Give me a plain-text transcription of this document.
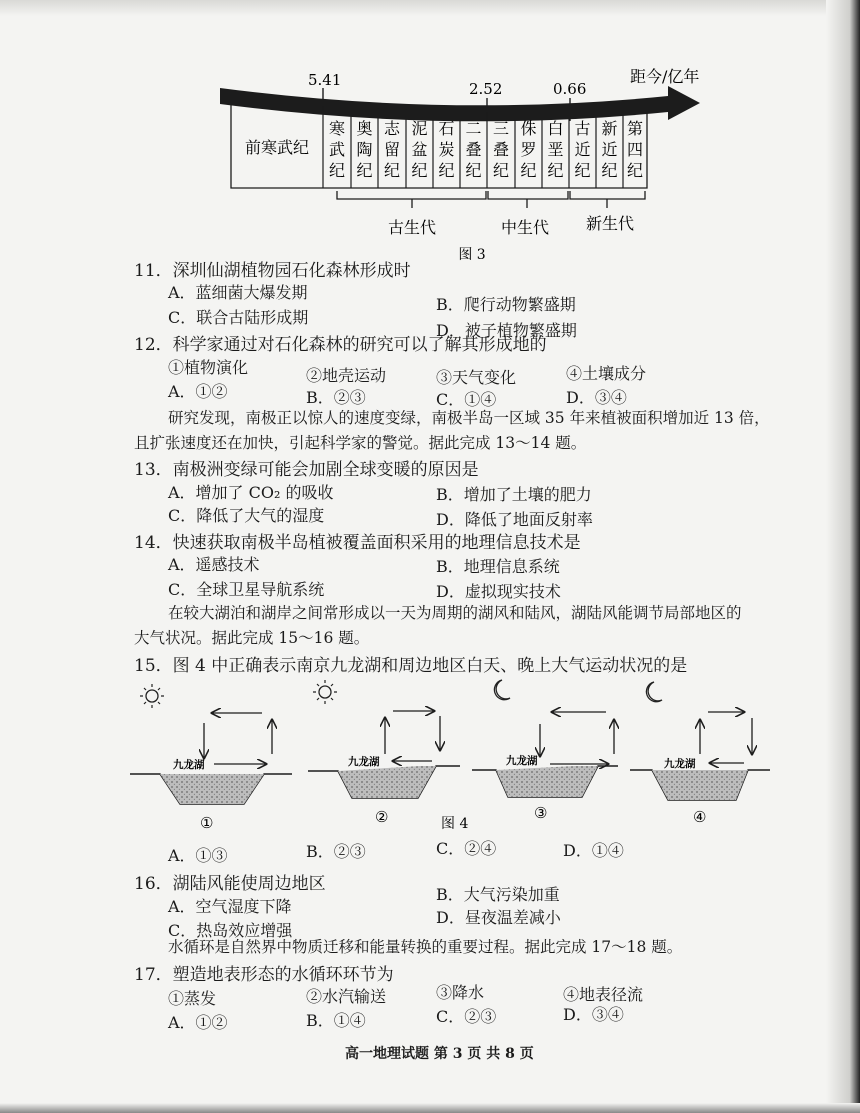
5.41	2.52	0.66
距今/亿年
前寒武纪
寒武纪
奥陶纪
志留纪
泥盆纪
石炭纪
二叠纪
三叠纪
侏罗纪
白垩纪
古近纪
新近纪
第四纪
古生代	中生代 新生代
图 3
11．深圳仙湖植物园石化森林形成时
A．蓝细菌大爆发期
B．爬行动物繁盛期
C．联合古陆形成期
D．被子植物繁盛期
12．科学家通过对石化森林的研究可以了解其形成地的
①植物演化	②地壳运动	③天气变化	④土壤成分
A．①②	B．②③	C．①④	D．③④
研究发现，南极正以惊人的速度变绿，南极半岛一区域 35 年来植被面积增加近 13 倍，
且扩张速度还在加快，引起科学家的警觉。据此完成 13～14 题。
13．南极洲变绿可能会加剧全球变暖的原因是
A．增加了 CO₂ 的吸收	B．增加了土壤的肥力
C．降低了大气的湿度	D．降低了地面反射率
14．快速获取南极半岛植被覆盖面积采用的地理信息技术是
A．遥感技术	B．地理信息系统
C．全球卫星导航系统	D．虚拟现实技术
在较大湖泊和湖岸之间常形成以一天为周期的湖风和陆风，湖陆风能调节局部地区的
大气状况。据此完成 15～16 题。
15．图 4 中正确表示南京九龙湖和周边地区白天、晚上大气运动状况的是
九龙湖
①
九龙湖
②
九龙湖
③
九龙湖
④
图 4
A．①③	B．②③	C．②④	D．①④
16．湖陆风能使周边地区
B．大气污染加重
A．空气湿度下降
D．昼夜温差减小
C．热岛效应增强
水循环是自然界中物质迁移和能量转换的重要过程。据此完成 17～18 题。
17．塑造地表形态的水循环环节为
①蒸发	②水汽输送	③降水	④地表径流
A．①②	B．①④	C．②③	D．③④
高一地理试题 第 3 页 共 8 页
